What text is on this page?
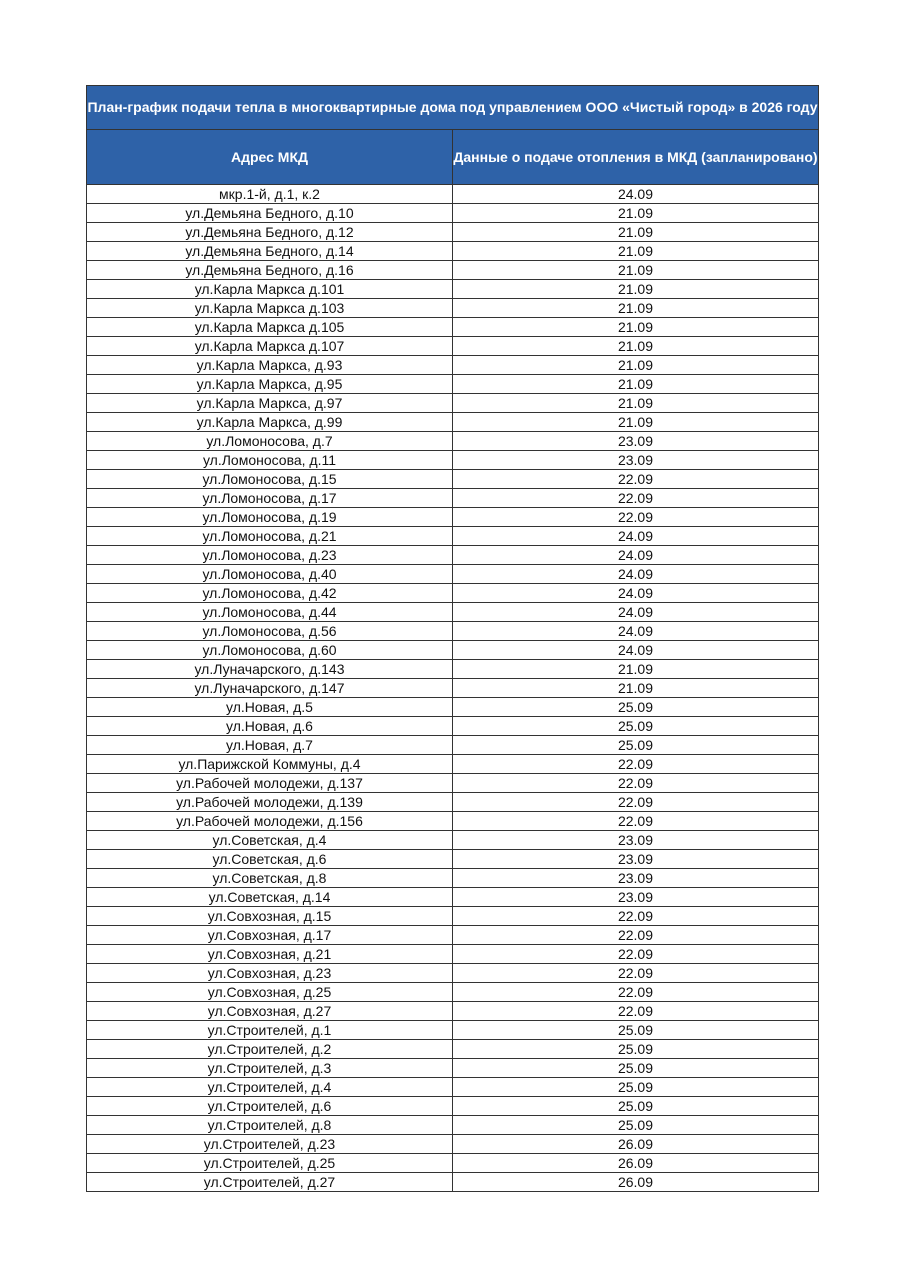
План-график подачи тепла в многоквартирные дома под управлением ООО «Чистый город» в 2026 году	
Адрес МКД	Данные о подаче отопления в МКД (запланировано)
мкр.1-й, д.1, к.2	24.09
ул.Демьяна Бедного, д.10	21.09
ул.Демьяна Бедного, д.12	21.09
ул.Демьяна Бедного, д.14	21.09
ул.Демьяна Бедного, д.16	21.09
ул.Карла Маркса д.101	21.09
ул.Карла Маркса д.103	21.09
ул.Карла Маркса д.105	21.09
ул.Карла Маркса д.107	21.09
ул.Карла Маркса, д.93	21.09
ул.Карла Маркса, д.95	21.09
ул.Карла Маркса, д.97	21.09
ул.Карла Маркса, д.99	21.09
ул.Ломоносова, д.7	23.09
ул.Ломоносова, д.11	23.09
ул.Ломоносова, д.15	22.09
ул.Ломоносова, д.17	22.09
ул.Ломоносова, д.19	22.09
ул.Ломоносова, д.21	24.09
ул.Ломоносова, д.23	24.09
ул.Ломоносова, д.40	24.09
ул.Ломоносова, д.42	24.09
ул.Ломоносова, д.44	24.09
ул.Ломоносова, д.56	24.09
ул.Ломоносова, д.60	24.09
ул.Луначарского, д.143	21.09
ул.Луначарского, д.147	21.09
ул.Новая, д.5	25.09
ул.Новая, д.6	25.09
ул.Новая, д.7	25.09
ул.Парижской Коммуны, д.4	22.09
ул.Рабочей молодежи, д.137	22.09
ул.Рабочей молодежи, д.139	22.09
ул.Рабочей молодежи, д.156	22.09
ул.Советская, д.4	23.09
ул.Советская, д.6	23.09
ул.Советская, д.8	23.09
ул.Советская, д.14	23.09
ул.Совхозная, д.15	22.09
ул.Совхозная, д.17	22.09
ул.Совхозная, д.21	22.09
ул.Совхозная, д.23	22.09
ул.Совхозная, д.25	22.09
ул.Совхозная, д.27	22.09
ул.Строителей, д.1	25.09
ул.Строителей, д.2	25.09
ул.Строителей, д.3	25.09
ул.Строителей, д.4	25.09
ул.Строителей, д.6	25.09
ул.Строителей, д.8	25.09
ул.Строителей, д.23	26.09
ул.Строителей, д.25	26.09
ул.Строителей, д.27	26.09
